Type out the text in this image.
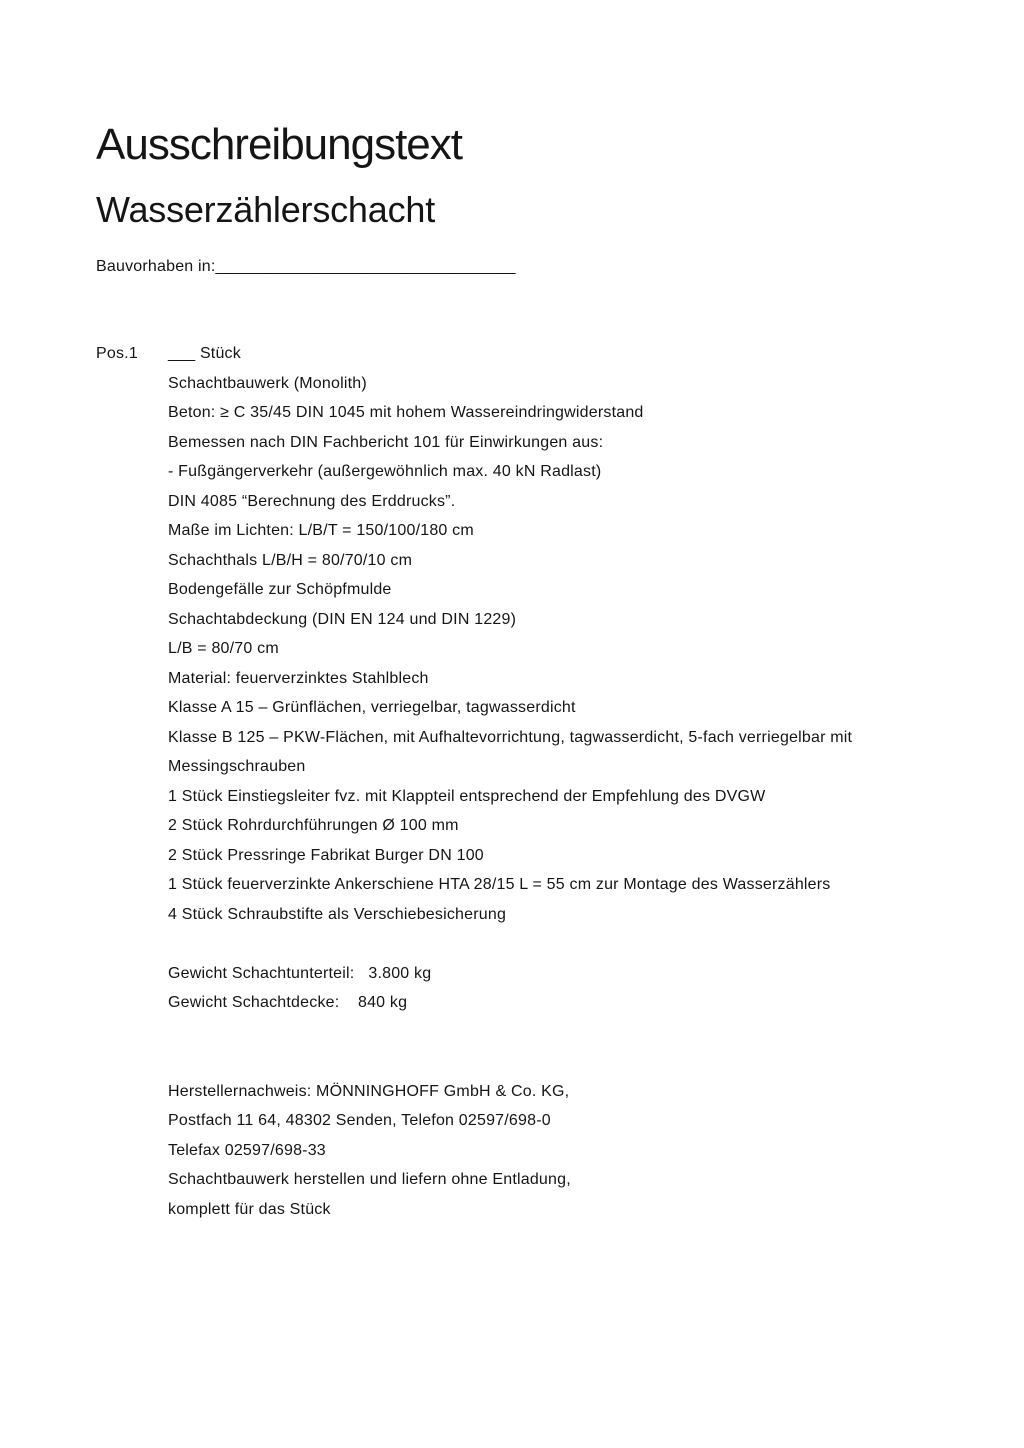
Ausschreibungstext
Wasserzählerschacht
Bauvorhaben in:_________________________________
Pos.1 ___ Stück
Schachtbauwerk (Monolith)
Beton: ≥ C 35/45 DIN 1045 mit hohem Wassereindringwiderstand
Bemessen nach DIN Fachbericht 101 für Einwirkungen aus:
- Fußgängerverkehr (außergewöhnlich max. 40 kN Radlast)
DIN 4085 “Berechnung des Erddrucks”.
Maße im Lichten: L/B/T = 150/100/180 cm
Schachthals L/B/H = 80/70/10 cm
Bodengefälle zur Schöpfmulde
Schachtabdeckung (DIN EN 124 und DIN 1229)
L/B = 80/70 cm
Material: feuerverzinktes Stahlblech
Klasse A 15 – Grünflächen, verriegelbar, tagwasserdicht
Klasse B 125 – PKW-Flächen, mit Aufhaltevorrichtung, tagwasserdicht, 5-fach verriegelbar mit
Messingschrauben
1 Stück Einstiegsleiter fvz. mit Klappteil entsprechend der Empfehlung des DVGW
2 Stück Rohrdurchführungen Ø 100 mm
2 Stück Pressringe Fabrikat Burger DN 100
1 Stück feuerverzinkte Ankerschiene HTA 28/15 L = 55 cm zur Montage des Wasserzählers
4 Stück Schraubstifte als Verschiebesicherung
Gewicht Schachtunterteil:   3.800 kg
Gewicht Schachtdecke:    840 kg
Herstellernachweis: MÖNNINGHOFF GmbH & Co. KG,
Postfach 11 64, 48302 Senden, Telefon 02597/698-0
Telefax 02597/698-33
Schachtbauwerk herstellen und liefern ohne Entladung,
komplett für das Stück
